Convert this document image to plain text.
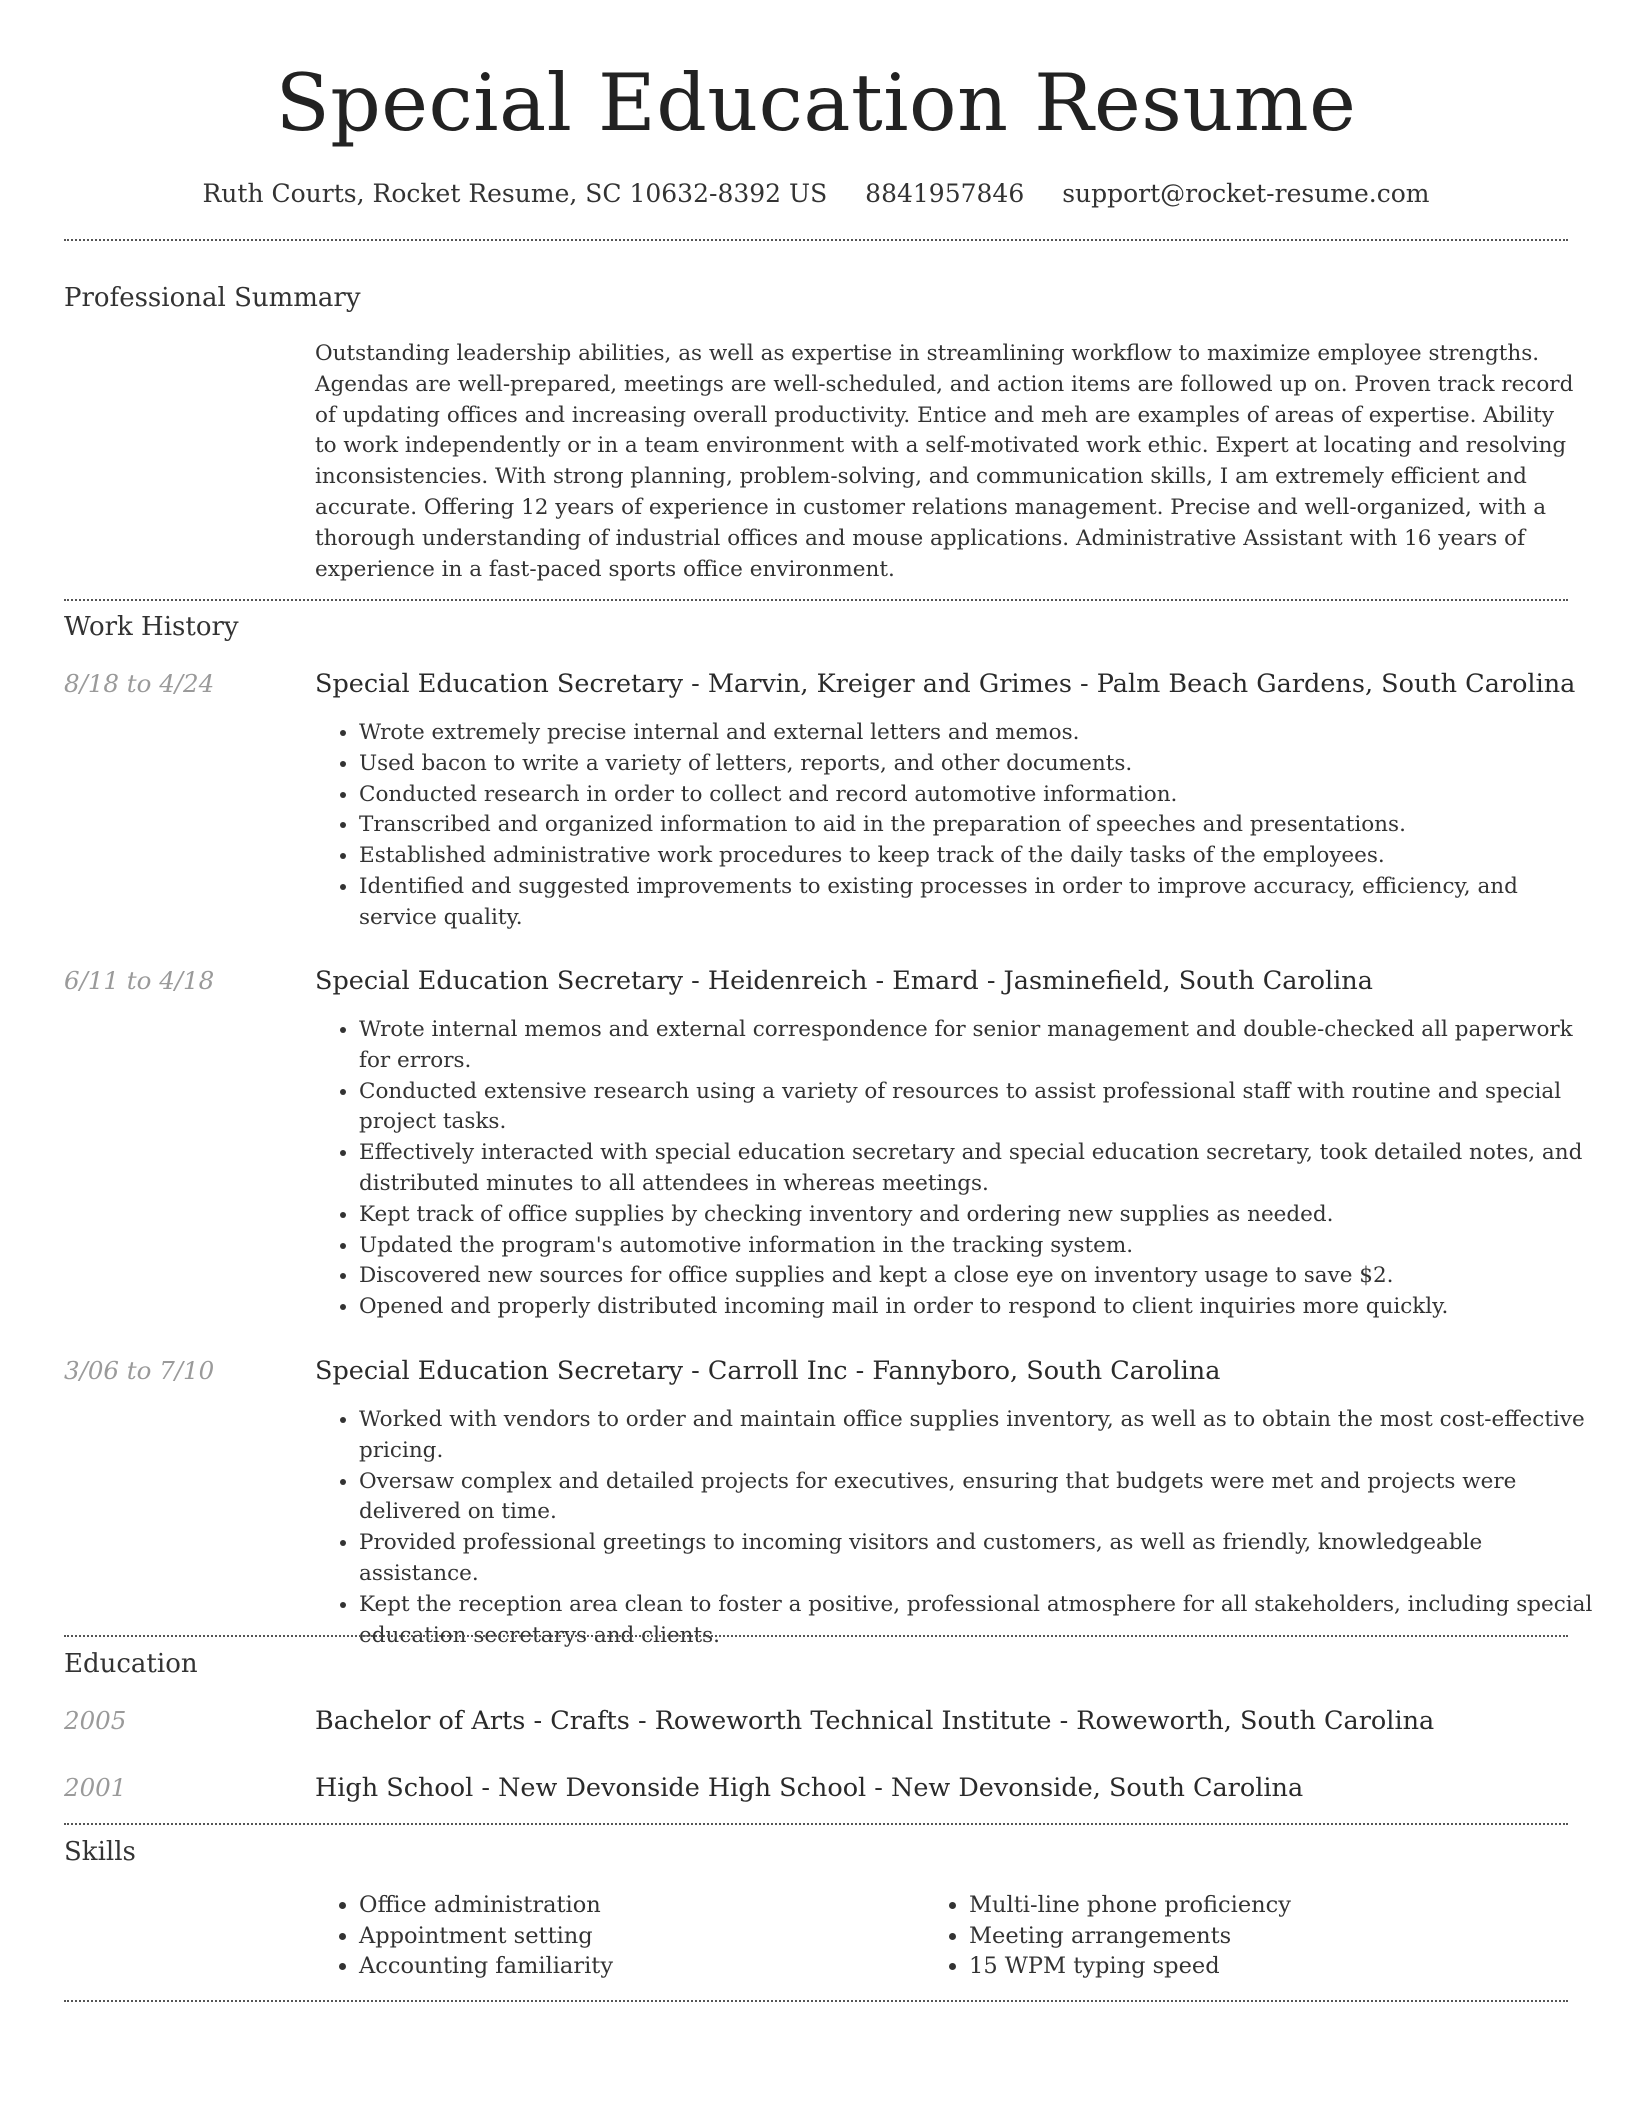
Special Education Resume
Ruth Courts, Rocket Resume, SC 10632-8392 US 8841957846 support@rocket-resume.com
Professional Summary

Outstanding leadership abilities, as well as expertise in streamlining workflow to maximize employee strengths. Agendas are well-prepared, meetings are well-scheduled, and action items are followed up on. Proven track record of updating offices and increasing overall productivity. Entice and meh are examples of areas of expertise. Ability to work independently or in a team environment with a self-motivated work ethic. Expert at locating and resolving inconsistencies. With strong planning, problem-solving, and communication skills, I am extremely efficient and accurate. Offering 12 years of experience in customer relations management. Precise and well-organized, with a thorough understanding of industrial offices and mouse applications. Administrative Assistant with 16 years of experience in a fast-paced sports office environment.

Work History
8/18 to 4/24	Special Education Secretary - Marvin, Kreiger and Grimes - Palm Beach Gardens, South Carolina
• Wrote extremely precise internal and external letters and memos.
• Used bacon to write a variety of letters, reports, and other documents.
• Conducted research in order to collect and record automotive information.
• Transcribed and organized information to aid in the preparation of speeches and presentations.
• Established administrative work procedures to keep track of the daily tasks of the employees.
• Identified and suggested improvements to existing processes in order to improve accuracy, efficiency, and service quality.
6/11 to 4/18	Special Education Secretary - Heidenreich - Emard - Jasminefield, South Carolina
• Wrote internal memos and external correspondence for senior management and double-checked all paperwork for errors.
• Conducted extensive research using a variety of resources to assist professional staff with routine and special project tasks.
• Effectively interacted with special education secretary and special education secretary, took detailed notes, and distributed minutes to all attendees in whereas meetings.
• Kept track of office supplies by checking inventory and ordering new supplies as needed.
• Updated the program's automotive information in the tracking system.
• Discovered new sources for office supplies and kept a close eye on inventory usage to save $2.
• Opened and properly distributed incoming mail in order to respond to client inquiries more quickly.
3/06 to 7/10	Special Education Secretary - Carroll Inc - Fannyboro, South Carolina
• Worked with vendors to order and maintain office supplies inventory, as well as to obtain the most cost-effective pricing.
• Oversaw complex and detailed projects for executives, ensuring that budgets were met and projects were delivered on time.
• Provided professional greetings to incoming visitors and customers, as well as friendly, knowledgeable assistance.
• Kept the reception area clean to foster a positive, professional atmosphere for all stakeholders, including special education secretarys and clients.
Education
2005	Bachelor of Arts - Crafts - Roweworth Technical Institute - Roweworth, South Carolina
2001	High School - New Devonside High School - New Devonside, South Carolina
Skills
• Office administration
• Appointment setting
• Accounting familiarity
• Multi-line phone proficiency
• Meeting arrangements
• 15 WPM typing speed
